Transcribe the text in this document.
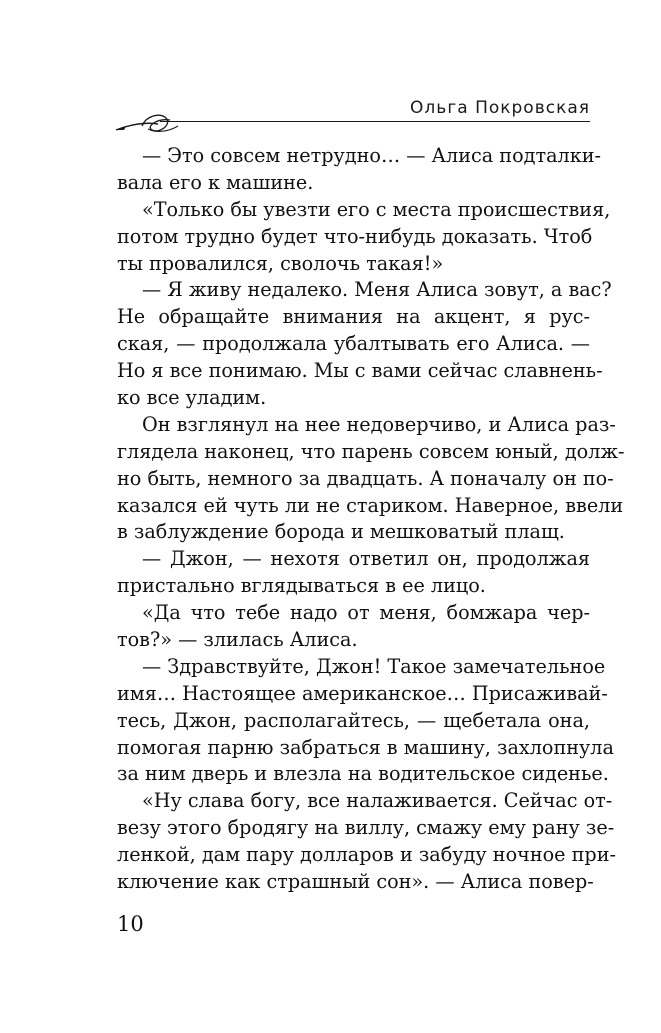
Ольга Покровская
— Это совсем нетрудно… — Алиса подталки-
вала его к машине.
«Только бы увезти его с места происшествия,
потом трудно будет что-нибудь доказать. Чтоб
ты провалился, сволочь такая!»
— Я живу недалеко. Меня Алиса зовут, а вас?
Не обращайте внимания на акцент, я рус-
ская, — продолжала убалтывать его Алиса. —
Но я все понимаю. Мы с вами сейчас славнень-
ко все уладим.
Он взглянул на нее недоверчиво, и Алиса раз-
глядела наконец, что парень совсем юный, долж-
но быть, немного за двадцать. А поначалу он по-
казался ей чуть ли не стариком. Наверное, ввели
в заблуждение борода и мешковатый плащ.
— Джон, — нехотя ответил он, продолжая
пристально вглядываться в ее лицо.
«Да что тебе надо от меня, бомжара чер-
тов?» — злилась Алиса.
— Здравствуйте, Джон! Такое замечательное
имя… Настоящее американское… Присаживай-
тесь, Джон, располагайтесь, — щебетала она,
помогая парню забраться в машину, захлопнула
за ним дверь и влезла на водительское сиденье.
«Ну слава богу, все налаживается. Сейчас от-
везу этого бродягу на виллу, смажу ему рану зе-
ленкой, дам пару долларов и забуду ночное при-
ключение как страшный сон». — Алиса повер-
10
